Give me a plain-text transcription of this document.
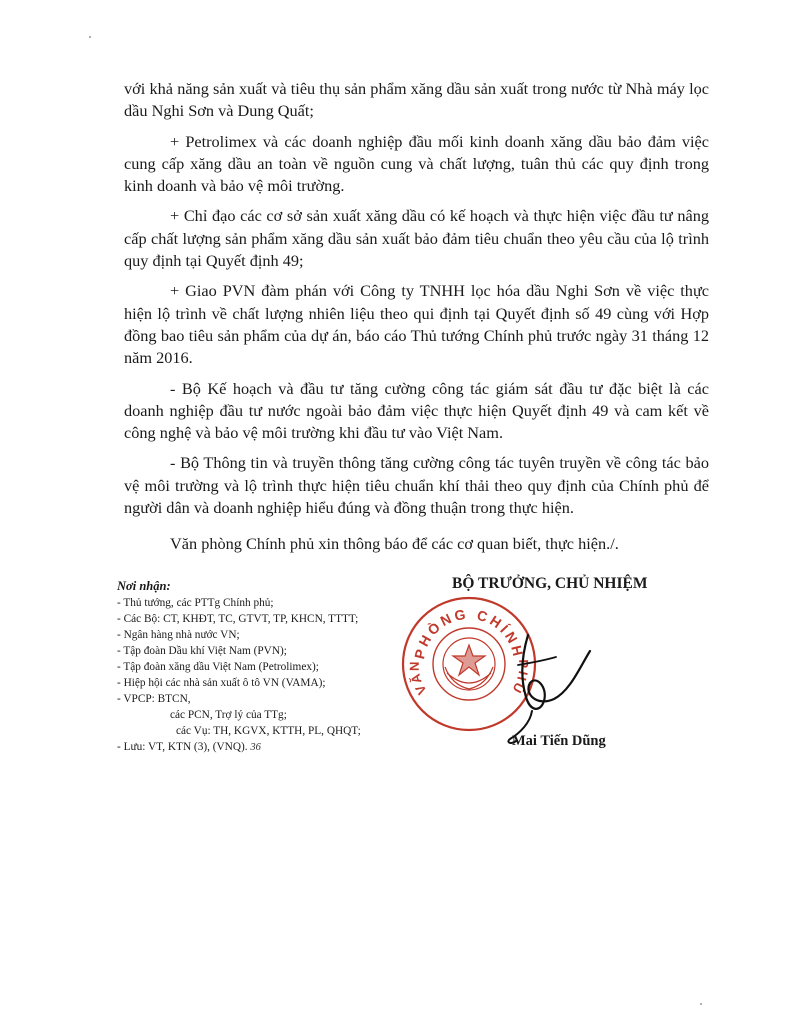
với khả năng sản xuất và tiêu thụ sản phẩm xăng dầu sản xuất trong nước từ Nhà máy lọc dầu Nghi Sơn và Dung Quất;

+ Petrolimex và các doanh nghiệp đầu mối kinh doanh xăng dầu bảo đảm việc cung cấp xăng dầu an toàn về nguồn cung và chất lượng, tuân thủ các quy định trong kinh doanh và bảo vệ môi trường.

+ Chỉ đạo các cơ sở sản xuất xăng dầu có kế hoạch và thực hiện việc đầu tư nâng cấp chất lượng sản phẩm xăng dầu sản xuất bảo đảm tiêu chuẩn theo yêu cầu của lộ trình quy định tại Quyết định 49;

+ Giao PVN đàm phán với Công ty TNHH lọc hóa dầu Nghi Sơn về việc thực hiện lộ trình về chất lượng nhiên liệu theo qui định tại Quyết định số 49 cùng với Hợp đồng bao tiêu sản phẩm của dự án, báo cáo Thủ tướng Chính phủ trước ngày 31 tháng 12 năm 2016.

- Bộ Kế hoạch và đầu tư tăng cường công tác giám sát đầu tư đặc biệt là các doanh nghiệp đầu tư nước ngoài bảo đảm việc thực hiện Quyết định 49 và cam kết về công nghệ và bảo vệ môi trường khi đầu tư vào Việt Nam.

- Bộ Thông tin và truyền thông tăng cường công tác tuyên truyền về công tác bảo vệ môi trường và lộ trình thực hiện tiêu chuẩn khí thải theo quy định của Chính phủ để người dân và doanh nghiệp hiểu đúng và đồng thuận trong thực hiện.

Văn phòng Chính phủ xin thông báo để các cơ quan biết, thực hiện./.

Nơi nhận:
- Thủ tướng, các PTTg Chính phủ;
- Các Bộ: CT, KHĐT, TC, GTVT, TP, KHCN, TTTT;
- Ngân hàng nhà nước VN;
- Tập đoàn Dầu khí Việt Nam (PVN);
- Tập đoàn xăng dầu Việt Nam (Petrolimex);
- Hiệp hội các nhà sản xuất ô tô VN (VAMA);
- VPCP: BTCN,
các PCN, Trợ lý của TTg;
các Vụ: TH, KGVX, KTTH, PL, QHQT;
- Lưu: VT, KTN (3), (VNQ). 36
BỘ TRƯỞNG, CHỦ NHIỆM
PHÒNG CHÍNH
VĂN	PHỦ
Mai Tiến Dũng
